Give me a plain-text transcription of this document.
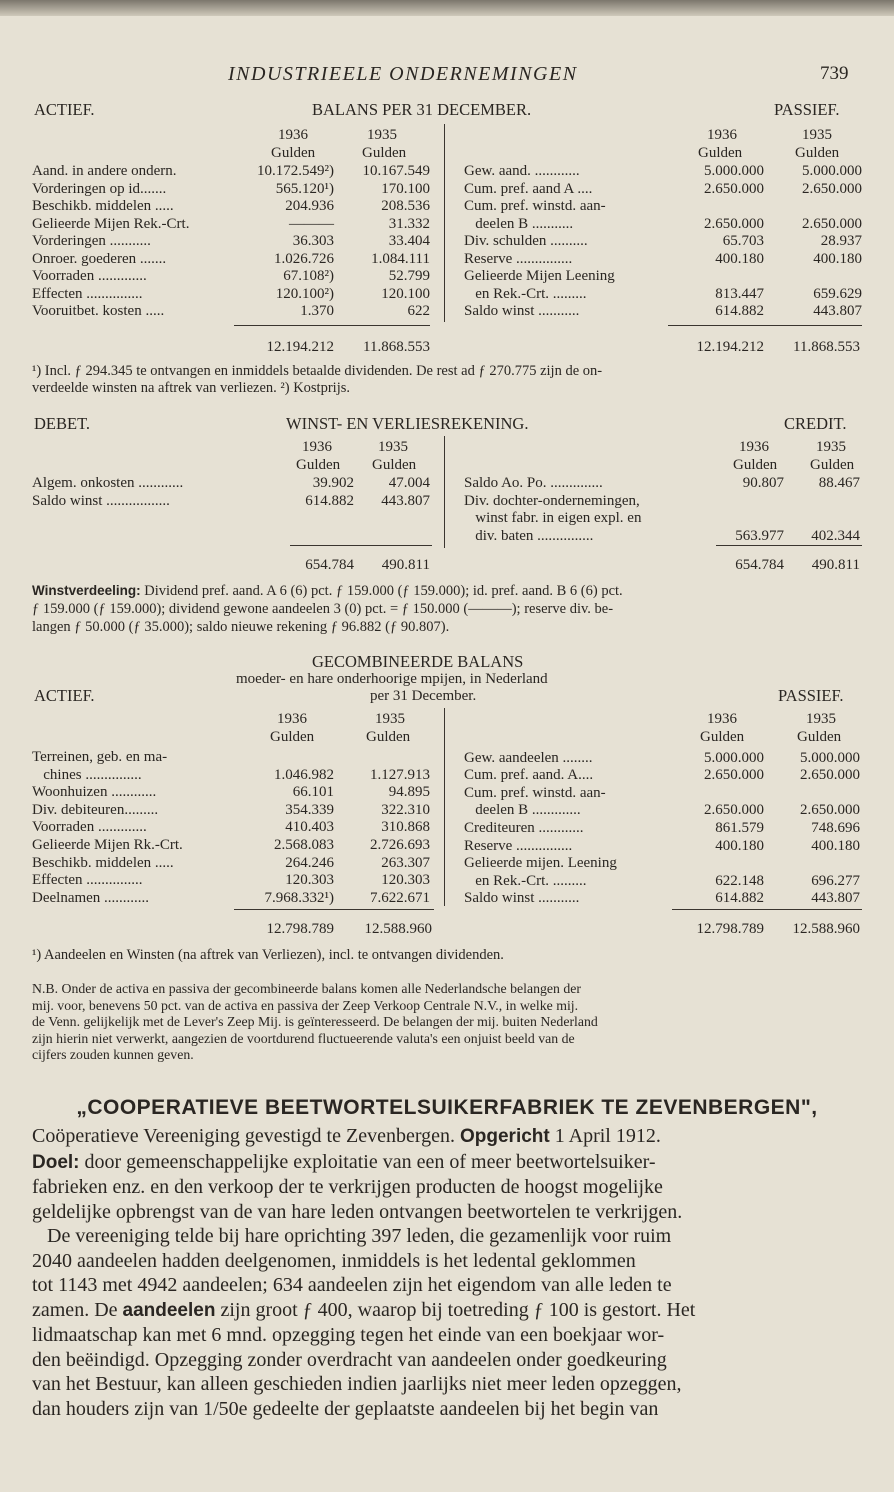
INDUSTRIEELE ONDERNEMINGEN	739
ACTIEF.	BALANS PER 31 DECEMBER.	PASSIEF.
1936	1935
Gulden	Gulden
1936	1935
Gulden	Gulden
Aand. in andere ondern.	10.172.549²)	10.167.549
Vorderingen op id.......	565.120¹)	170.100
Beschikb. middelen .....	204.936	208.536
Gelieerde Mijen Rek.-Crt.	———	31.332
Vorderingen ...........	36.303	33.404
Onroer. goederen .......	1.026.726	1.084.111
Voorraden .............	67.108²)	52.799
Effecten ...............	120.100²)	120.100
Vooruitbet. kosten .....	1.370	622
Gew. aand. ............	5.000.000	5.000.000
Cum. pref. aand A ....	2.650.000	2.650.000
Cum. pref. winstd. aan-
deelen B ...........	2.650.000	2.650.000
Div. schulden ..........	65.703	28.937
Reserve ...............	400.180	400.180
Gelieerde Mijen Leening
en Rek.-Crt. .........	813.447	659.629
Saldo winst ...........	614.882	443.807
12.194.212	11.868.553	12.194.212	11.868.553
¹) Incl. ƒ 294.345 te ontvangen en inmiddels betaalde dividenden. De rest ad ƒ 270.775 zijn de on-
verdeelde winsten na aftrek van verliezen. ²) Kostprijs.
DEBET.	WINST- EN VERLIESREKENING.	CREDIT.
1936	1935
Gulden Gulden
1936	1935
Gulden Gulden
Algem. onkosten ............	39.902	47.004
Saldo winst .................	614.882	443.807
Saldo Ao. Po. ..............	90.807	88.467
Div. dochter-ondernemingen,
winst fabr. in eigen expl. en
div. baten ...............	563.977	402.344
654.784	490.811	654.784	490.811
Winstverdeeling: Dividend pref. aand. A 6 (6) pct. ƒ 159.000 (ƒ 159.000); id. pref. aand. B 6 (6) pct.
ƒ 159.000 (ƒ 159.000); dividend gewone aandeelen 3 (0) pct. = ƒ 150.000 (———); reserve div. be-
langen ƒ 50.000 (ƒ 35.000); saldo nieuwe rekening ƒ 96.882 (ƒ 90.807).
GECOMBINEERDE BALANS
moeder- en hare onderhoorige mpijen, in Nederland
ACTIEF.	per 31 December.	PASSIEF.
1936	1935
Gulden	Gulden
1936	1935
Gulden	Gulden
Terreinen, geb. en ma-
chines ...............	1.046.982	1.127.913
Woonhuizen ............	66.101	94.895
Div. debiteuren.........	354.339	322.310
Voorraden .............	410.403	310.868
Gelieerde Mijen Rk.-Crt.	2.568.083	2.726.693
Beschikb. middelen .....	264.246	263.307
Effecten ...............	120.303	120.303
Deelnamen ............	7.968.332¹)	7.622.671
Gew. aandeelen ........	5.000.000	5.000.000
Cum. pref. aand. A....	2.650.000	2.650.000
Cum. pref. winstd. aan-
deelen B .............	2.650.000	2.650.000
Crediteuren ............	861.579	748.696
Reserve ...............	400.180	400.180
Gelieerde mijen. Leening
en Rek.-Crt. .........	622.148	696.277
Saldo winst ...........	614.882	443.807
12.798.789	12.588.960	12.798.789	12.588.960
¹) Aandeelen en Winsten (na aftrek van Verliezen), incl. te ontvangen dividenden.
N.B. Onder de activa en passiva der gecombineerde balans komen alle Nederlandsche belangen der
mij. voor, benevens 50 pct. van de activa en passiva der Zeep Verkoop Centrale N.V., in welke mij.
de Venn. gelijkelijk met de Lever's Zeep Mij. is geïnteresseerd. De belangen der mij. buiten Nederland
zijn hierin niet verwerkt, aangezien de voortdurend fluctueerende valuta's een onjuist beeld van de
cijfers zouden kunnen geven.
„COOPERATIEVE BEETWORTELSUIKERFABRIEK TE ZEVENBERGEN",
Coöperatieve Vereeniging gevestigd te Zevenbergen. Opgericht 1 April 1912.
Doel: door gemeenschappelijke exploitatie van een of meer beetwortelsuiker-
fabrieken enz. en den verkoop der te verkrijgen producten de hoogst mogelijke
geldelijke opbrengst van de van hare leden ontvangen beetwortelen te verkrijgen.
De vereeniging telde bij hare oprichting 397 leden, die gezamenlijk voor ruim
2040 aandeelen hadden deelgenomen, inmiddels is het ledental geklommen
tot 1143 met 4942 aandeelen; 634 aandeelen zijn het eigendom van alle leden te
zamen. De aandeelen zijn groot ƒ 400, waarop bij toetreding ƒ 100 is gestort. Het
lidmaatschap kan met 6 mnd. opzegging tegen het einde van een boekjaar wor-
den beëindigd. Opzegging zonder overdracht van aandeelen onder goedkeuring
van het Bestuur, kan alleen geschieden indien jaarlijks niet meer leden opzeggen,
dan houders zijn van 1/50e gedeelte der geplaatste aandeelen bij het begin van
